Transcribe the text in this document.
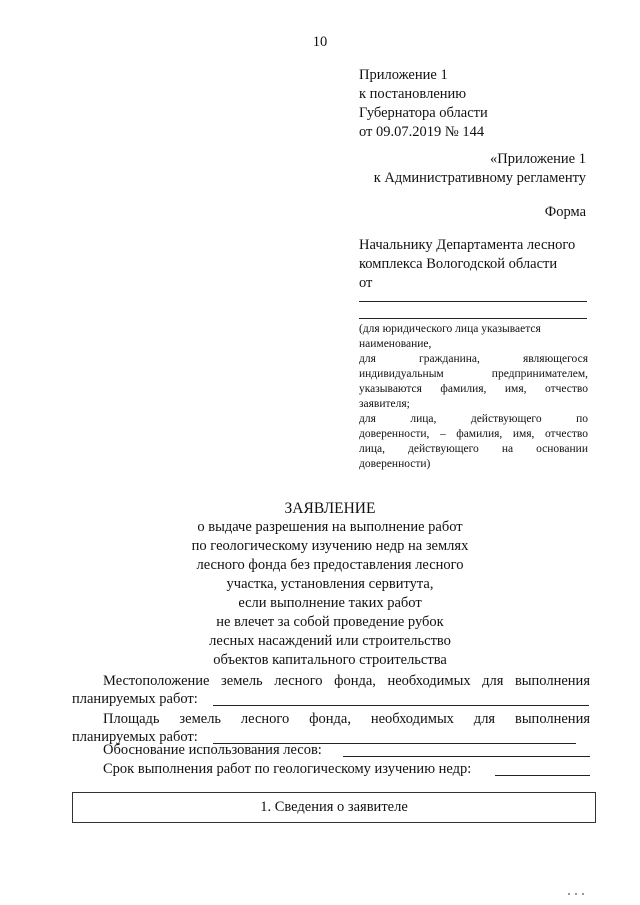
10
Приложение 1
к постановлению
Губернатора области
от 09.07.2019 № 144
«Приложение 1
к Административному регламенту
Форма
Начальнику Департамента лесного
комплекса Вологодской области
от
(для юридического лица указывается
наименование,
для гражданина, являющегося
индивидуальным предпринимателем,
указываются фамилия, имя, отчество
заявителя;
для лица, действующего по
доверенности, – фамилия, имя, отчество
лица, действующего на основании
доверенности)
ЗАЯВЛЕНИЕ
о выдаче разрешения на выполнение работ
по геологическому изучению недр на землях
лесного фонда без предоставления лесного
участка, установления сервитута,
если выполнение таких работ
не влечет за собой проведение рубок
лесных насаждений или строительство
объектов капитального строительства
Местоположение земель лесного фонда, необходимых для выполнения
планируемых работ:
Площадь земель лесного фонда, необходимых для выполнения
планируемых работ:
Обоснование использования лесов:
Срок выполнения работ по геологическому изучению недр:
1. Сведения о заявителе
